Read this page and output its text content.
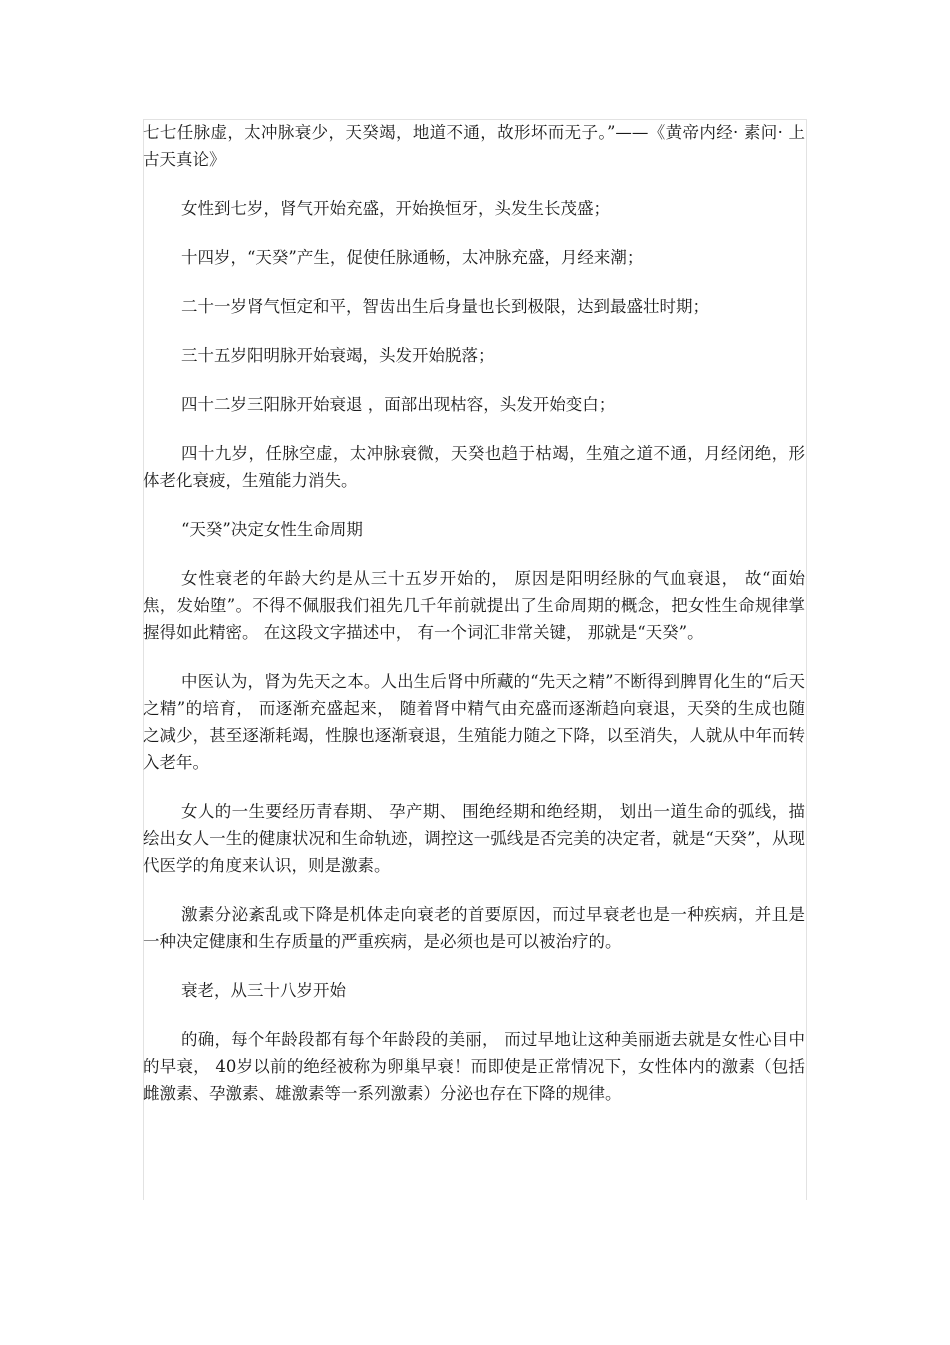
七七任脉虚，太冲脉衰少，天癸竭，地道不通，故形坏而无子。”——《黄帝内经· 素问· 上古天真论》

女性到七岁，肾气开始充盛，开始换恒牙，头发生长茂盛；

十四岁，“天癸”产生，促使任脉通畅，太冲脉充盛，月经来潮；

二十一岁肾气恒定和平，智齿出生后身量也长到极限，达到最盛壮时期；

三十五岁阳明脉开始衰竭，头发开始脱落；

四十二岁三阳脉开始衰退 ，面部出现枯容，头发开始变白；

四十九岁，任脉空虚，太冲脉衰微，天癸也趋于枯竭，生殖之道不通，月经闭绝，形体老化衰疲，生殖能力消失。

“天癸”决定女性生命周期

女性衰老的年龄大约是从三十五岁开始的， 原因是阳明经脉的气血衰退， 故“面始焦，发始堕”。不得不佩服我们祖先几千年前就提出了生命周期的概念，把女性生命规律掌握得如此精密。 在这段文字描述中， 有一个词汇非常关键， 那就是“天癸”。

中医认为，肾为先天之本。人出生后肾中所藏的“先天之精”不断得到脾胃化生的“后天之精”的培育， 而逐渐充盛起来， 随着肾中精气由充盛而逐渐趋向衰退，天癸的生成也随之减少，甚至逐渐耗竭，性腺也逐渐衰退，生殖能力随之下降，以至消失，人就从中年而转入老年。

女人的一生要经历青春期、 孕产期、 围绝经期和绝经期， 划出一道生命的弧线，描绘出女人一生的健康状况和生命轨迹，调控这一弧线是否完美的决定者，就是“天癸”，从现代医学的角度来认识，则是激素。

激素分泌紊乱或下降是机体走向衰老的首要原因，而过早衰老也是一种疾病，并且是一种决定健康和生存质量的严重疾病，是必须也是可以被治疗的。

衰老，从三十八岁开始

的确，每个年龄段都有每个年龄段的美丽， 而过早地让这种美丽逝去就是女性心目中的早衰， 40岁以前的绝经被称为卵巢早衰！而即使是正常情况下，女性体内的激素（包括雌激素、孕激素、雄激素等一系列激素）分泌也存在下降的规律。
